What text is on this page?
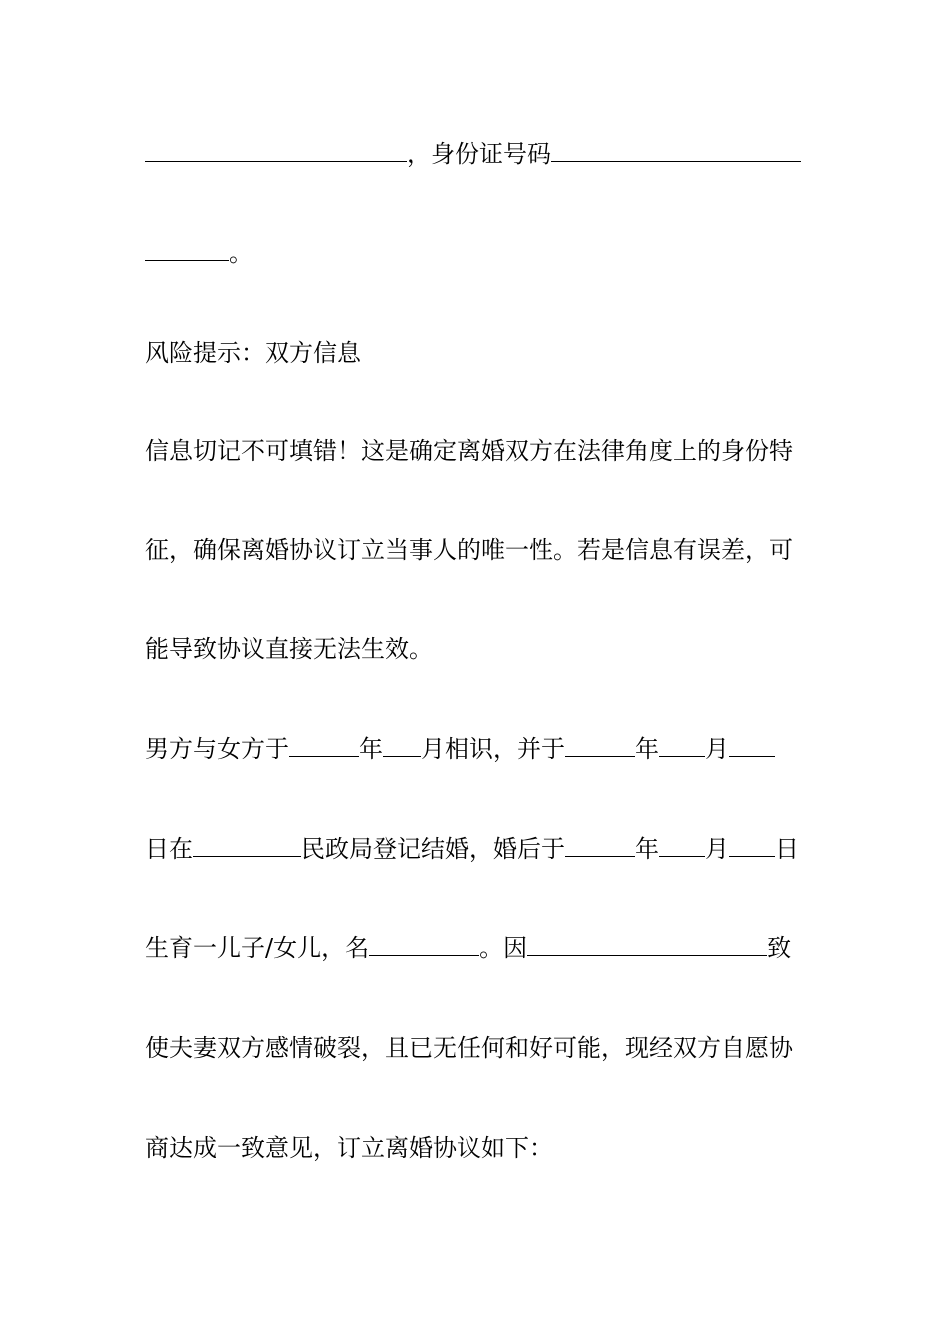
，身份证号码
。
风险提示：双方信息
信息切记不可填错！这是确定离婚双方在法律角度上的身份特
征，确保离婚协议订立当事人的唯一性。若是信息有误差，可
能导致协议直接无法生效。
男方与女方于	年 月相识，并于	年 月
日在	民政局登记结婚，婚后于	年 月 日
生育一儿子/女儿，名	。因	致
使夫妻双方感情破裂，且已无任何和好可能，现经双方自愿协
商达成一致意见，订立离婚协议如下：
